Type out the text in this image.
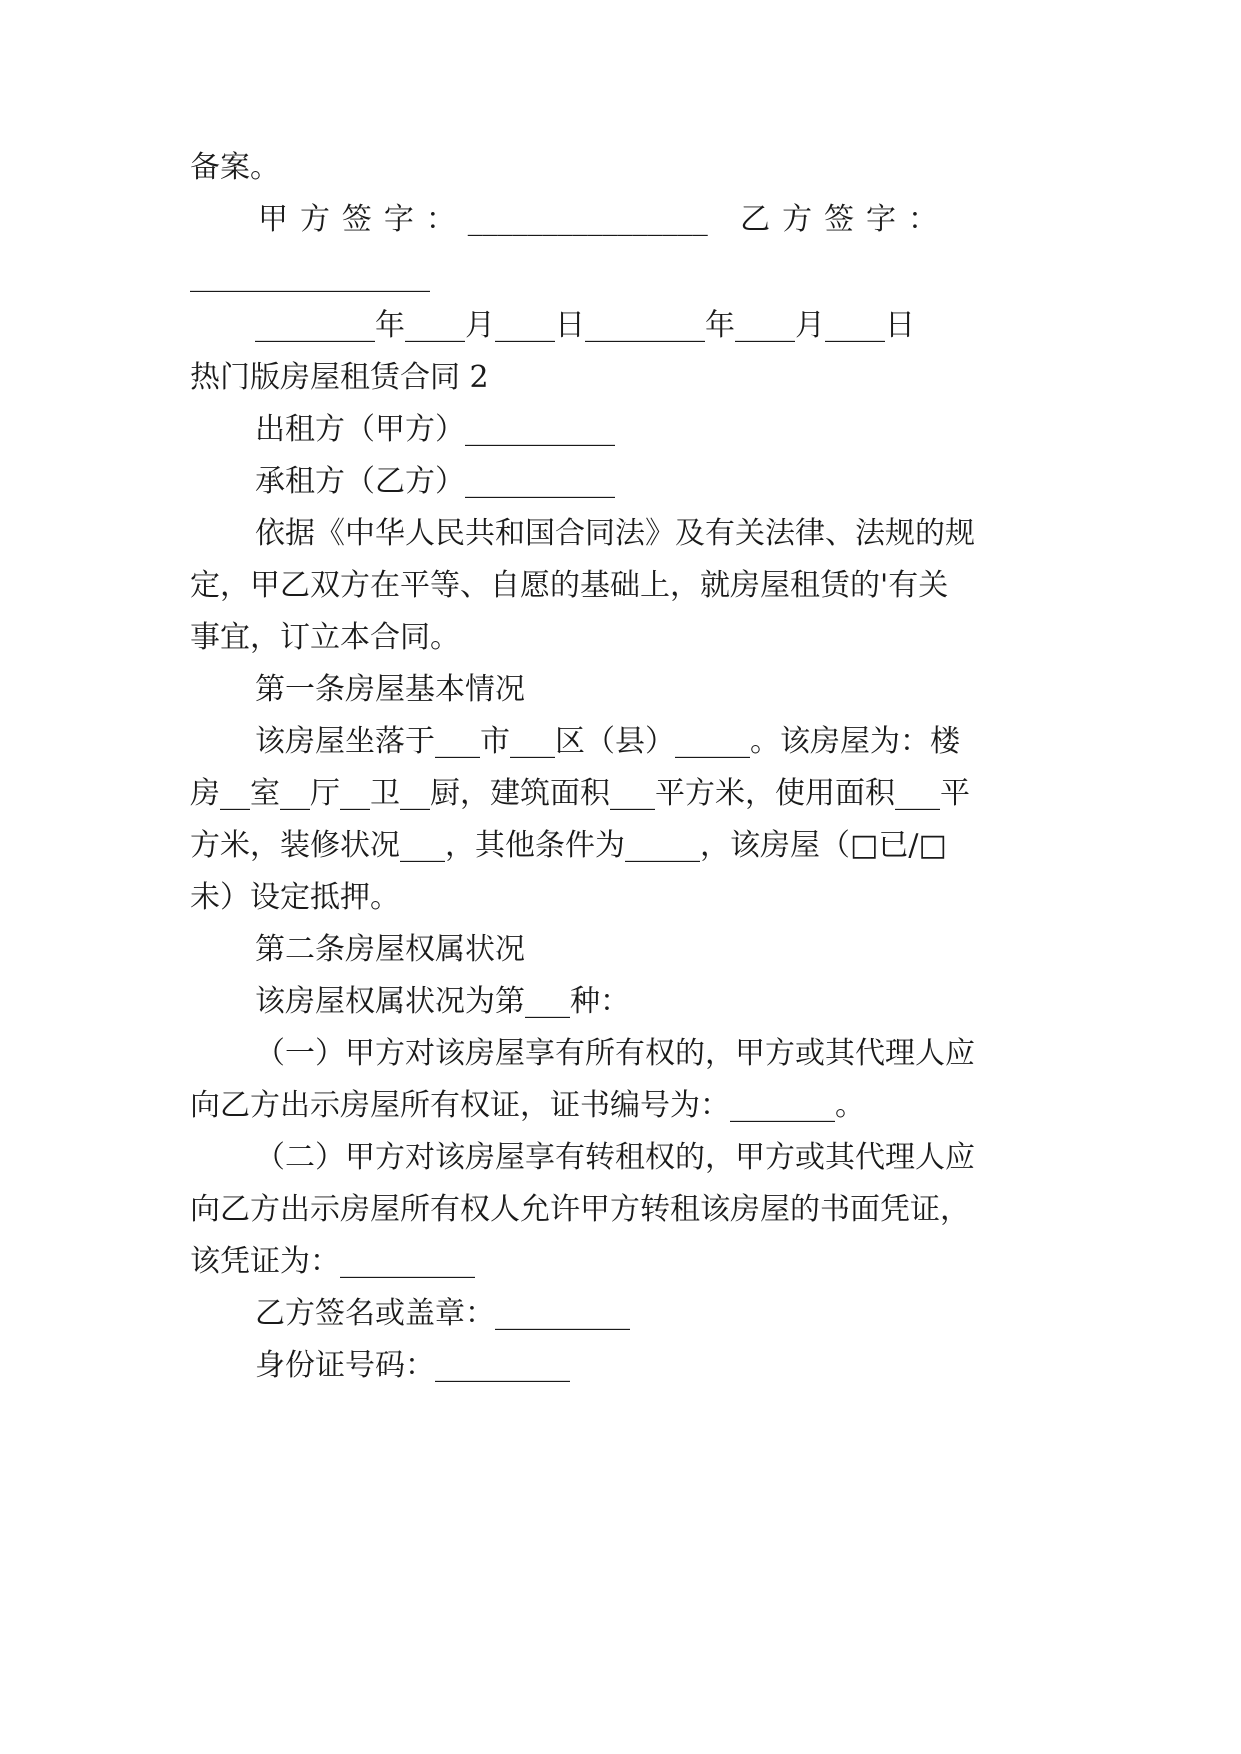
备案。
甲 方 签 字 ： ________________　乙 方 签 字 ：
________________
________年____月____日________年____月____日
热门版房屋租赁合同 2
出租方（甲方）__________
承租方（乙方）__________
依据《中华人民共和国合同法》及有关法律、法规的规
定，甲乙双方在平等、自愿的基础上，就房屋租赁的'有关
事宜，订立本合同。
第一条房屋基本情况
该房屋坐落于___市___区（县）_____。该房屋为：楼
房__室__厅__卫__厨，建筑面积___平方米，使用面积___平
方米，装修状况___，其他条件为_____，该房屋（□已/□
未）设定抵押。
第二条房屋权属状况
该房屋权属状况为第___种：
（一）甲方对该房屋享有所有权的，甲方或其代理人应
向乙方出示房屋所有权证，证书编号为：_______。
（二）甲方对该房屋享有转租权的，甲方或其代理人应
向乙方出示房屋所有权人允许甲方转租该房屋的书面凭证，
该凭证为：_________
乙方签名或盖章：_________
身份证号码：_________
